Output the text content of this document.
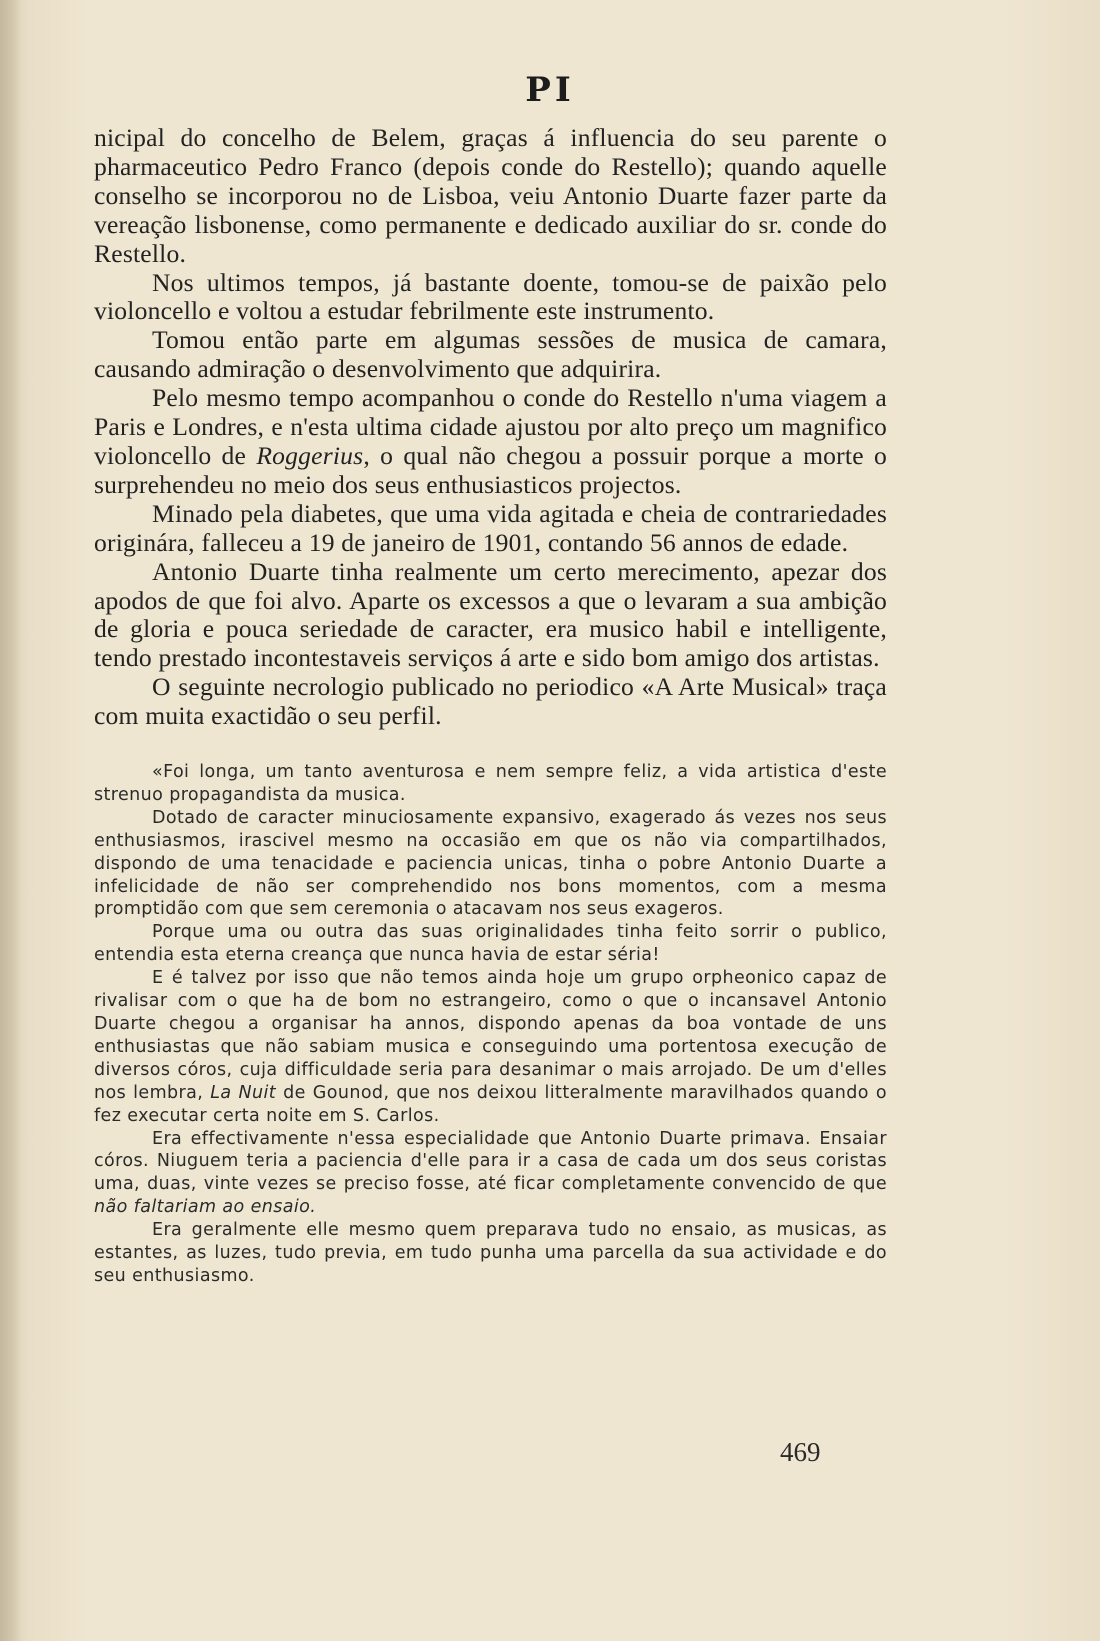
PI

nicipal do concelho de Belem, graças á influencia do seu parente o pharmaceutico Pedro Franco (depois conde do Restello); quando aquelle conselho se incorporou no de Lisboa, veiu Antonio Duarte fazer parte da vereação lisbonense, como permanente e dedicado auxiliar do sr. conde do Restello.

Nos ultimos tempos, já bastante doente, tomou-se de paixão pelo violoncello e voltou a estudar febrilmente este instrumento.

Tomou então parte em algumas sessões de musica de camara, causando admiração o desenvolvimento que adquirira.

Pelo mesmo tempo acompanhou o conde do Restello n'uma viagem a Paris e Londres, e n'esta ultima cidade ajustou por alto preço um magnifico violoncello de Roggerius, o qual não chegou a possuir porque a morte o surprehendeu no meio dos seus enthusiasticos projectos.

Minado pela diabetes, que uma vida agitada e cheia de contrariedades originára, falleceu a 19 de janeiro de 1901, contando 56 annos de edade.

Antonio Duarte tinha realmente um certo merecimento, apezar dos apodos de que foi alvo. Aparte os excessos a que o levaram a sua ambição de gloria e pouca seriedade de caracter, era musico habil e intelligente, tendo prestado incontestaveis serviços á arte e sido bom amigo dos artistas.

O seguinte necrologio publicado no periodico «A Arte Musical» traça com muita exactidão o seu perfil.

«Foi longa, um tanto aventurosa e nem sempre feliz, a vida artistica d'este strenuo propagandista da musica.

Dotado de caracter minuciosamente expansivo, exagerado ás vezes nos seus enthusiasmos, irascivel mesmo na occasião em que os não via compartilhados, dispondo de uma tenacidade e paciencia unicas, tinha o pobre Antonio Duarte a infelicidade de não ser comprehendido nos bons momentos, com a mesma promptidão com que sem ceremonia o atacavam nos seus exageros.

Porque uma ou outra das suas originalidades tinha feito sorrir o publico, entendia esta eterna creança que nunca havia de estar séria!

E é talvez por isso que não temos ainda hoje um grupo orpheonico capaz de rivalisar com o que ha de bom no estrangeiro, como o que o incansavel Antonio Duarte chegou a organisar ha annos, dispondo apenas da boa vontade de uns enthusiastas que não sabiam musica e conseguindo uma portentosa execução de diversos córos, cuja difficuldade seria para desanimar o mais arrojado. De um d'elles nos lembra, La Nuit de Gounod, que nos deixou litteralmente maravilhados quando o fez executar certa noite em S. Carlos.

Era effectivamente n'essa especialidade que Antonio Duarte primava. Ensaiar córos. Niuguem teria a paciencia d'elle para ir a casa de cada um dos seus coristas uma, duas, vinte vezes se preciso fosse, até ficar completamente convencido de que não faltariam ao ensaio.

Era geralmente elle mesmo quem preparava tudo no ensaio, as musicas, as estantes, as luzes, tudo previa, em tudo punha uma parcella da sua actividade e do seu enthusiasmo.

469
